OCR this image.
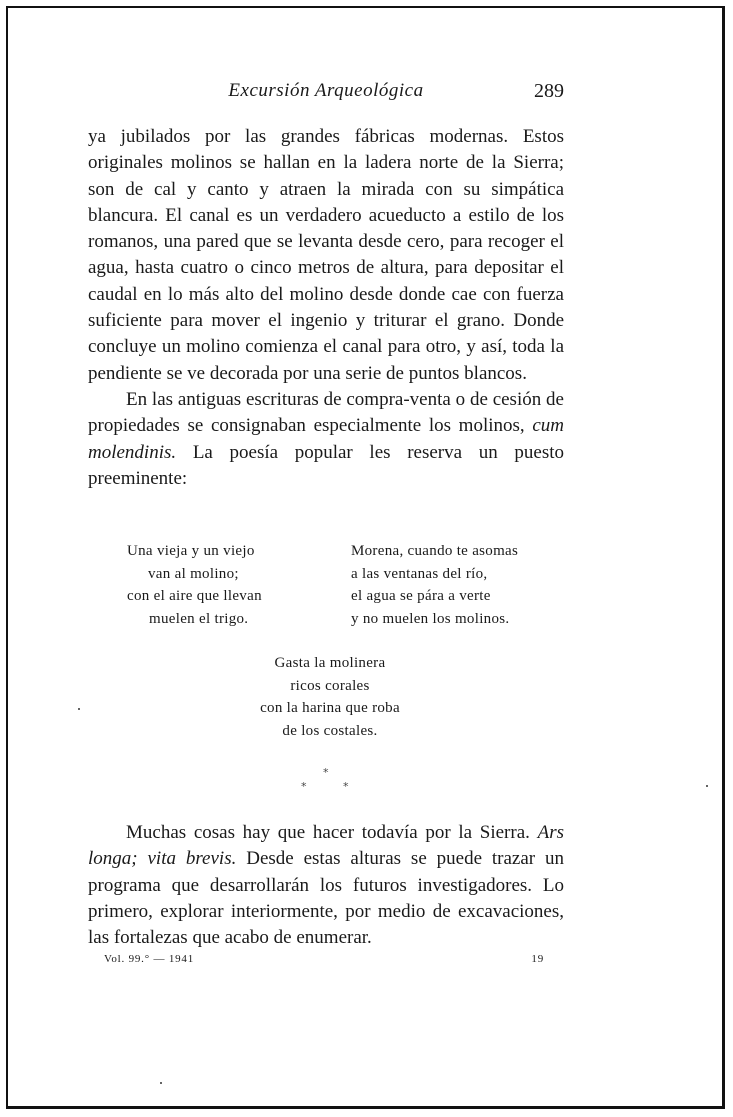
Excursión Arqueológica	289

ya jubilados por las grandes fábricas modernas. Estos originales molinos se hallan en la ladera norte de la Sierra; son de cal y canto y atraen la mirada con su simpática blancura. El canal es un verdadero acueducto a estilo de los romanos, una pared que se levanta desde cero, para recoger el agua, hasta cuatro o cinco metros de altura, para depositar el caudal en lo más alto del molino desde donde cae con fuerza suficiente para mover el ingenio y triturar el grano. Donde concluye un molino comienza el canal para otro, y así, toda la pendiente se ve decorada por una serie de puntos blancos.

En las antiguas escrituras de compra-venta o de cesión de propiedades se consignaban especialmente los molinos, cum molendinis. La poesía popular les reserva un puesto preeminente:

Una vieja y un viejo
van al molino;
con el aire que llevan
muelen el trigo.
Morena, cuando te asomas
a las ventanas del río,
el agua se pára a verte
y no muelen los molinos.
Gasta la molinera
ricos corales
con la harina que roba
de los costales.
*
*	*

Muchas cosas hay que hacer todavía por la Sierra. Ars longa; vita brevis. Desde estas alturas se puede trazar un programa que desarrollarán los futuros investigadores. Lo primero, explorar interiormente, por medio de excavaciones, las fortalezas que acabo de enumerar.

Vol. 99.° — 1941	19
